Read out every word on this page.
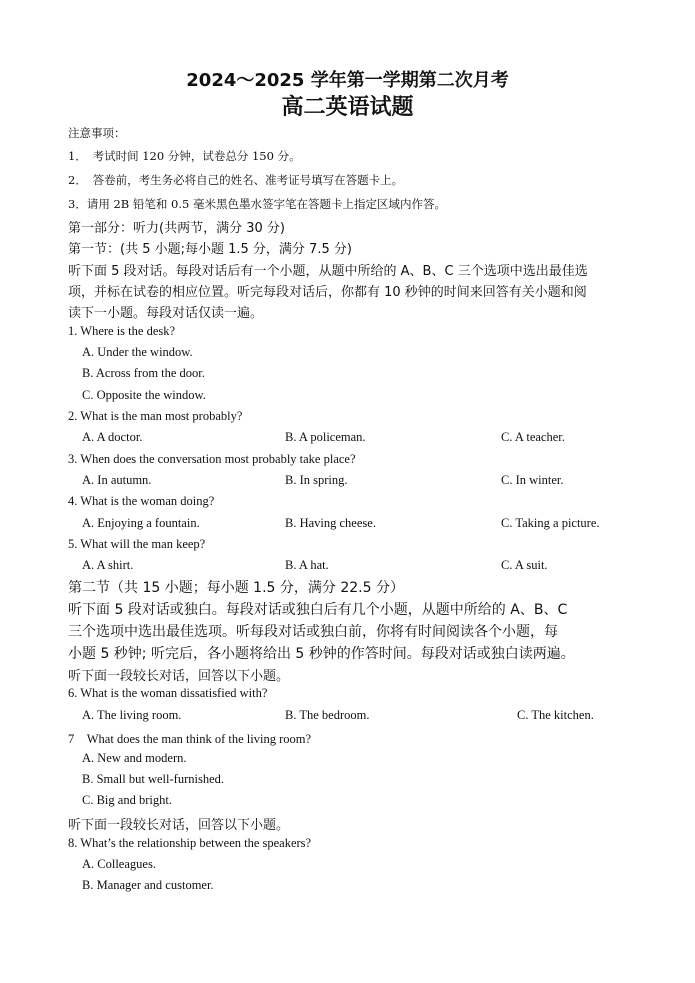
2024～2025 学年第一学期第二次月考
高二英语试题
注意事项：
1．　考试时间 120 分钟，试卷总分 150 分。
2．　答卷前，考生务必将自己的姓名、准考证号填写在答题卡上。
3．请用 2B 铅笔和 0.5 毫米黑色墨水签字笔在答题卡上指定区域内作答。
第一部分：听力(共两节，满分 30 分)
第一节：(共 5 小题;每小题 1.5 分，满分 7.5 分)
听下面 5 段对话。每段对话后有一个小题，从题中所给的 A、B、C 三个选项中选出最佳选
项，并标在试卷的相应位置。听完每段对话后，你都有 10 秒钟的时间来回答有关小题和阅
读下一小题。每段对话仅读一遍。
1. Where is the desk?
A. Under the window.
B. Across from the door.
C. Opposite the window.
2. What is the man most probably?
A. A doctor.	B. A policeman.	C. A teacher.
3. When does the conversation most probably take place?
A. In autumn.	B. In spring.	C. In winter.
4. What is the woman doing?
A. Enjoying a fountain.	B. Having cheese.	C. Taking a picture.
5. What will the man keep?
A. A shirt.	B. A hat.	C. A suit.
第二节（共 15 小题；每小题 1.5 分，满分 22.5 分）
听下面 5 段对话或独白。每段对话或独白后有几个小题，从题中所给的 A、B、C
三个选项中选出最佳选项。听每段对话或独白前，你将有时间阅读各个小题，每
小题 5 秒钟; 听完后，各小题将给出 5 秒钟的作答时间。每段对话或独白读两遍。
听下面一段较长对话，回答以下小题。
6. What is the woman dissatisfied with?
A. The living room.	B. The bedroom.	C. The kitchen.
7　What does the man think of the living room?
A. New and modern.
B. Small but well-furnished.
C. Big and bright.
听下面一段较长对话，回答以下小题。
8. What’s the relationship between the speakers?
A. Colleagues.
B. Manager and customer.
